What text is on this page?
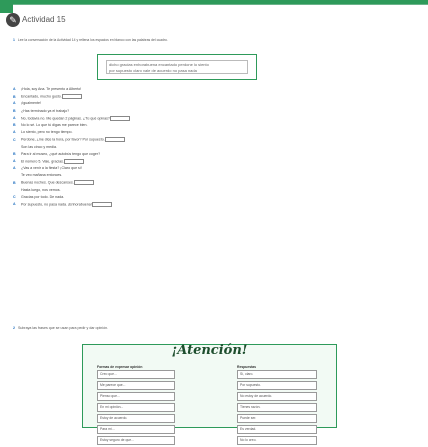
✎ Actividad 15
1 Lee la conversación de la Actividad 14 y rellena los espacios en blanco con las palabras del cuadro.
dicho gracias enhorabuena encantado perdone lo siento
por supuesto claro vale de acuerdo no pasa nada
A ¡Hola, soy Ana. Te presento a Alberto!
B Encantado, mucho gusto.
A ¡Igualmente!
B ¿Has terminado ya el trabajo?
A No, todavía no. Me quedan 2 páginas. ¿Tú qué opinas?
B No lo sé. Lo que tú digas me parece bien.
A Lo siento, pero no tengo tiempo.
C Perdone, ¿me dice la hora, por favor? Por supuesto.
Son las cinco y media.
B Para ir al museo, ¿qué autobús tengo que coger?
A El número 5. Vale, gracias.
A ¿Vas a venir a la fiesta? ¡Claro que sí!
Te veo mañana entonces.
B Buenas noches. Que descanses.
Hasta luego, nos vemos.
C Gracias por todo. De nada.
A Por supuesto, no pasa nada. ¡Enhorabuena!
2 Subraya las frases que se usan para pedir y dar opinión.
¡Atención!
Formas de expresar opinión
Creo que...
Me parece que...
Pienso que...
En mi opinión...
Estoy de acuerdo.
Para mí...
Estoy seguro de que...
Respuestas
Sí, claro.
Por supuesto.
No estoy de acuerdo.
Tienes razón.
Puede ser.
Es verdad.
No lo creo.
